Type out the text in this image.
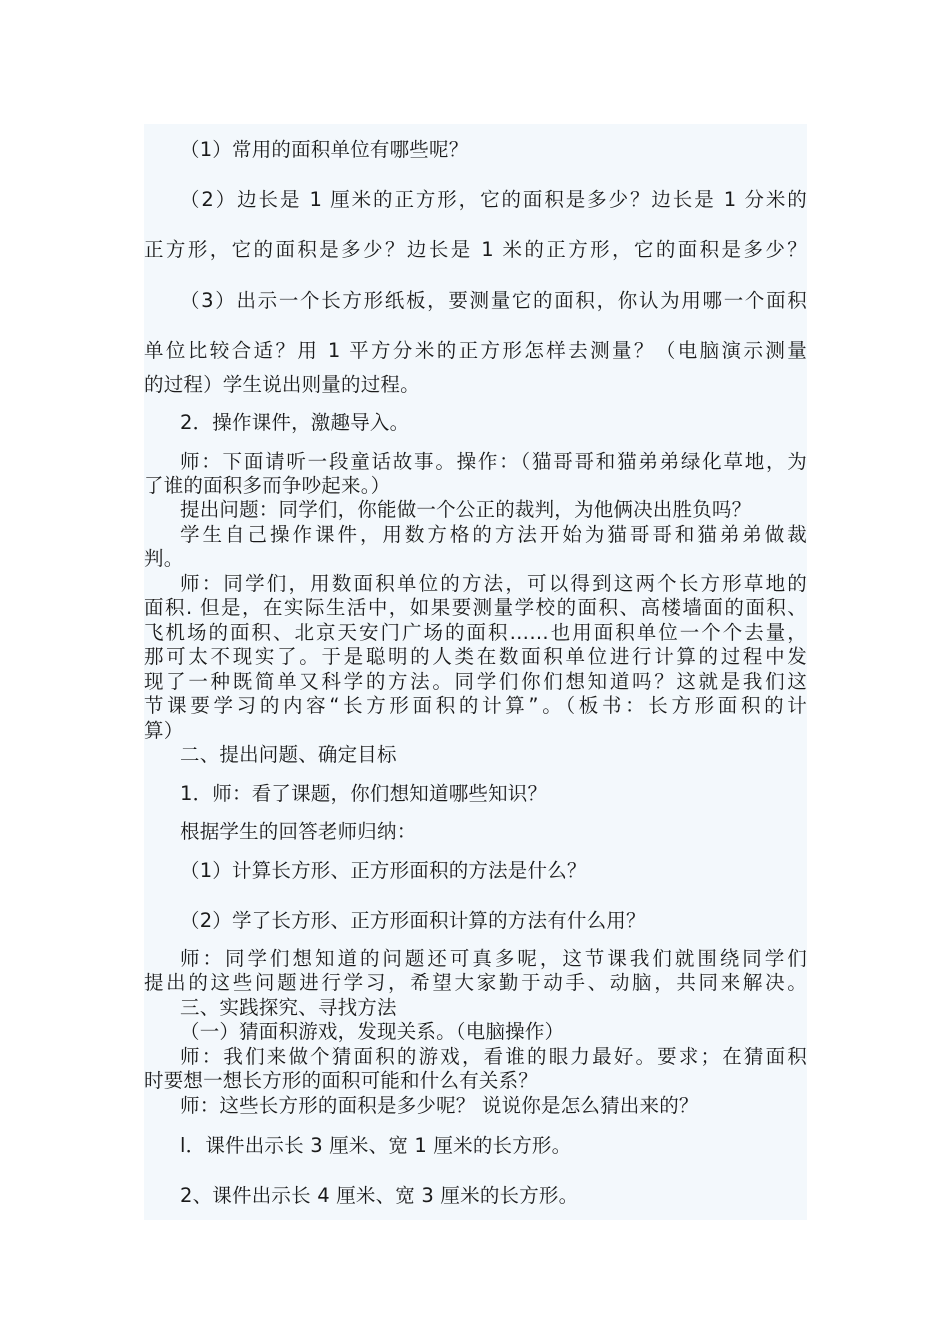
（1）常用的面积单位有哪些呢？
（2）边长是 1 厘米的正方形，它的面积是多少？边长是 1 分米的
正方形，它的面积是多少？边长是 1 米的正方形，它的面积是多少？
（3）出示一个长方形纸板，要测量它的面积，你认为用哪一个面积
单位比较合适？用 1 平方分米的正方形怎样去测量？（电脑演示测量
的过程）学生说出则量的过程。
2．操作课件，激趣导入。
师：下面请听一段童话故事。操作：（猫哥哥和猫弟弟绿化草地，为
了谁的面积多而争吵起来。）
提出问题：同学们，你能做一个公正的裁判，为他俩决出胜负吗？
学生自己操作课件，用数方格的方法开始为猫哥哥和猫弟弟做裁
判。
师：同学们，用数面积单位的方法，可以得到这两个长方形草地的
面积. 但是，在实际生活中，如果要测量学校的面积、高楼墙面的面积、
飞机场的面积、北京天安门广场的面积……也用面积单位一个个去量，
那可太不现实了。于是聪明的人类在数面积单位进行计算的过程中发
现了一种既简单又科学的方法。同学们你们想知道吗？这就是我们这
节课要学习的内容“长方形面积的计算”。（板书：长方形面积的计
算）
二、提出问题、确定目标
1．师：看了课题，你们想知道哪些知识？
根据学生的回答老师归纳：
（1）计算长方形、正方形面积的方法是什么？
（2）学了长方形、正方形面积计算的方法有什么用？
师：同学们想知道的问题还可真多呢，这节课我们就围绕同学们
提出的这些问题进行学习，希望大家勤于动手、动脑，共同来解决。
三、实践探究、寻找方法
（一）猜面积游戏，发现关系。（电脑操作）
师：我们来做个猜面积的游戏，看谁的眼力最好。要求；在猜面积
时要想一想长方形的面积可能和什么有关系？
师：这些长方形的面积是多少呢？ 说说你是怎么猜出来的？
l．课件出示长 3 厘米、宽 1 厘米的长方形。
2、课件出示长 4 厘米、宽 3 厘米的长方形。
